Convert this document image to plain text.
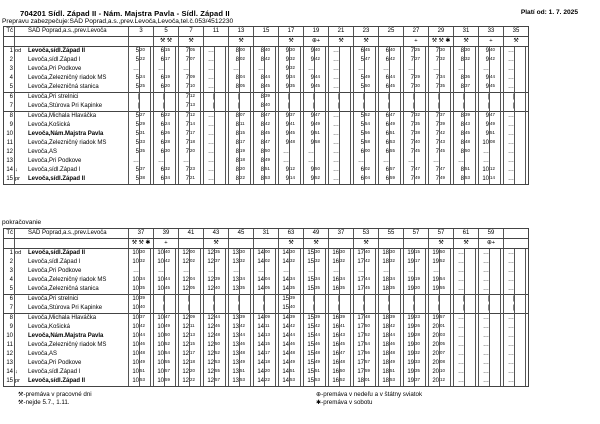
704201 Sídl. Západ II - Nám. Majstra Pavla - Sídl. Západ II	Platí od: 1. 7. 2025
Prepravu zabezpečuje:SAD Poprad,a.s.,prev.Levoča,Levoča,tel.č.053/4512230
Tč		SAD Poprad,a.s.,prev.Levoča	3			5			7			11			13			15			17			19			21			23			25			27			29			31			33			35		
						⚒ ⚒			⚒						⚒						⚒			⊕+			⚒			⚒						+			⚒ ⚒ ✱			⚒			+			⚒		
1	od	Levoča,sídl.Západ II	5	20		6	15		7	05		…			8	00		8	40		9	30		9	40		…			6	45		6	40		7	25		7	30		8	30		9	40		…		
2		Levoča,sídl.Západ I	5	22		6	17		7	07		…			8	02		8	42		9	32		9	42		…			5	47		6	42		7	27		7	32		8	32		9	42		…		
3		Levoča,Pri Podkove	…			…			…			…			…			…			9	32		…			…			…			…			…			…			…			…			…		
4		Levoča,Železničný riadok MŠ	5	24		6	19		7	09		…			8	04		8	44		9	34		9	44		…			5	49		6	44		7	29		7	34		8	36		9	44		…		
5		Levoča,Železničná stanica	5	25		6	20		7	10		…			8	05		8	45		9	35		9	45		…			5	50		6	45		7	30		7	35		8	37		9	45		…		
6		Levoča,Pri strelnici	|			|			7	12		|			|			8	39		|			|			|			|			|			|			|			|			|			|		
7		Levoča,Štúrova Pri Kapinke	|			|			7	13		|			|			8	40		|			|			|			|			|			|			|			|			|			|		
8		Levoča,Michala Hlaváčka	5	27		6	22		7	12		…			8	07		8	47		9	37		9	47		…			5	52		6	47		7	32		7	37		8	39		9	47		…		
9		Levoča,Košická	5	29		6	24		7	14		…			8	11		8	42		9	41		9	49		…			5	54		6	49		7	35		7	39		8	43		9	49		…		
10		Levoča,Nám.Majstra Pavla	5	31		6	26		7	17		…			8	15		8	45		9	45		9	51		…			5	56		6	51		7	38		7	42		8	45		9	51		…		
11		Levoča,Železničný riadok MŠ	5	33		6	28		7	18		…			8	17		8	47		9	48		9	58		…			5	58		6	53		7	40		7	43		8	48		10	08		…		
12		Levoča,AS	5	35		6	30		7	20		…			8	19		8	50		…			…			…			6	00		6	55		7	45		7	45		8	50		…			…		
13		Levoča,Pri Podkove	…			…			…			…			8	18		8	49		…			…			…			…			…			…			…			…			…			…		
14	↓	Levoča,sídl.Západ I	5	37		6	32		7	23		…			8	20		8	51		9	12		9	50		…			6	02		6	57		7	47		7	47		8	51		10	12		…		
15	pr	Levoča,sídl.Západ II	5	38		6	34		7	21		…			8	22		8	53		9	14		9	52		…			6	04		6	59		7	49		7	49		8	53		10	14		…		
pokračovanie
Tč		SAD Poprad,a.s.,prev.Levoča	37			39			41			43			45			31			63			49			37			53			55			57			57			61			59					
			⚒ ⚒ ✱			+						⚒									⚒			⚒						⚒									⚒			⚒			⊕+					
1	od	Levoča,sídl.Západ II	10	30		10	40		12	00		12	35		13	30		14	00		14	30		15	30		16	30		17	40		18	30		19	15		19	50		…			…			…		
2		Levoča,sídl.Západ I	10	32		10	42		12	02		12	37		13	32		14	02		14	32		15	32		16	32		17	42		18	32		19	17		19	52		…			…			…		
3		Levoča,Pri Podkove	…			…			…			…			…			…			…			…			…			…			…			…			…			…			…			…		
4		Levoča,Železničný riadok MŠ	10	34		10	44		12	04		12	39		13	34		14	04		14	34		15	34		16	34		17	44		18	34		19	19		19	54		…			…			…		
5		Levoča,Železničná stanica	10	35		10	45		12	05		12	40		13	35		14	05		14	35		15	35		16	35		17	45		18	35		19	20		19	55		…			…			…		
6		Levoča,Pri strelnici	10	39		|			|			|			|			|			15	39		|			|			|			|			|			|			|			|			|		
7		Levoča,Štúrova Pri Kapinke	10	40		|			|			|			|			|			15	40		|			|			|			|			|			|			|			|			|		
8		Levoča,Michala Hlaváčka	10	37		10	47		12	09		12	44		13	39		14	09		14	39		15	39		16	39		17	48		18	39		19	23		19	57		…			…			…		
9		Levoča,Košická	10	42		10	49		12	11		12	46		13	42		14	11		14	42		15	42		16	41		17	50		18	42		19	26		20	01		…			…			…		
10		Levoča,Nám.Majstra Pavla	10	44		10	50		12	13		12	48		13	44		14	13		14	44		15	44		16	43		17	52		18	44		19	28		20	03		…			…			…		
11		Levoča,Železničný riadok MŠ	10	46		10	52		12	15		12	50		13	46		14	15		14	46		15	46		16	45		17	54		18	46		19	30		20	05		…			…			…		
12		Levoča,AS	10	48		10	54		12	17		12	52		13	48		14	17		14	48		15	48		16	47		17	56		18	48		19	32		20	07		…			…			…		
13		Levoča,Pri Podkove	10	49		10	55		12	18		12	53		13	49		14	18		14	49		15	49		16	48		17	57		18	49		19	33		20	08		…			…			…		
14	↓	Levoča,sídl.Západ I	10	51		10	57		12	20		12	55		13	51		14	20		14	51		15	51		16	50		17	59		18	51		19	35		20	10		…			…			…		
15	pr	Levoča,sídl.Západ II	10	53		10	59		12	22		12	57		13	53		14	22		14	53		15	53		16	52		18	01		18	53		19	37		20	12		…			…			…		
⚒-premáva v pracovné dni
⚒-nejde 5.7., 1.11.
⊕-premáva v nedeľu a v štátny sviatok
✱-premáva v sobotu
